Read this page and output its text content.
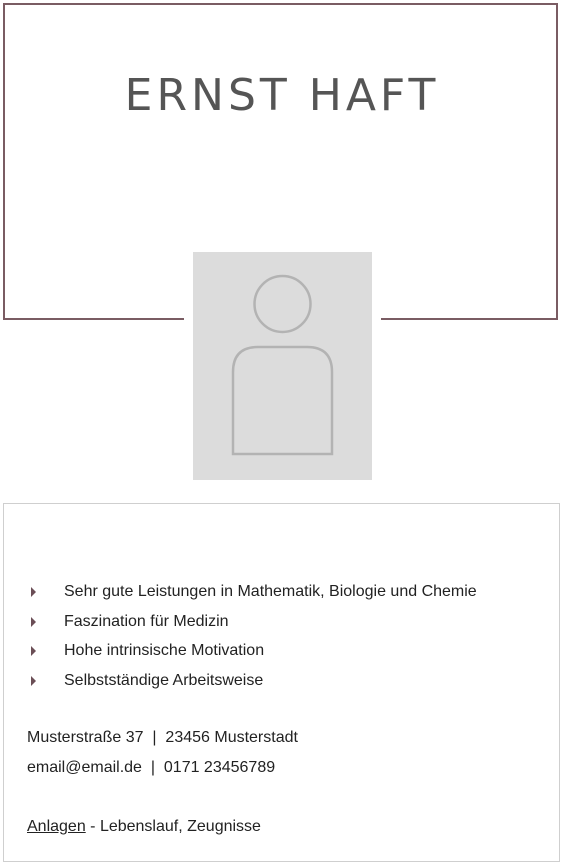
ERNST HAFT
Sehr gute Leistungen in Mathematik, Biologie und Chemie
Faszination für Medizin
Hohe intrinsische Motivation
Selbstständige Arbeitsweise
Musterstraße 37  |  23456 Musterstadt
email@email.de  |  0171 23456789
Anlagen - Lebenslauf, Zeugnisse
